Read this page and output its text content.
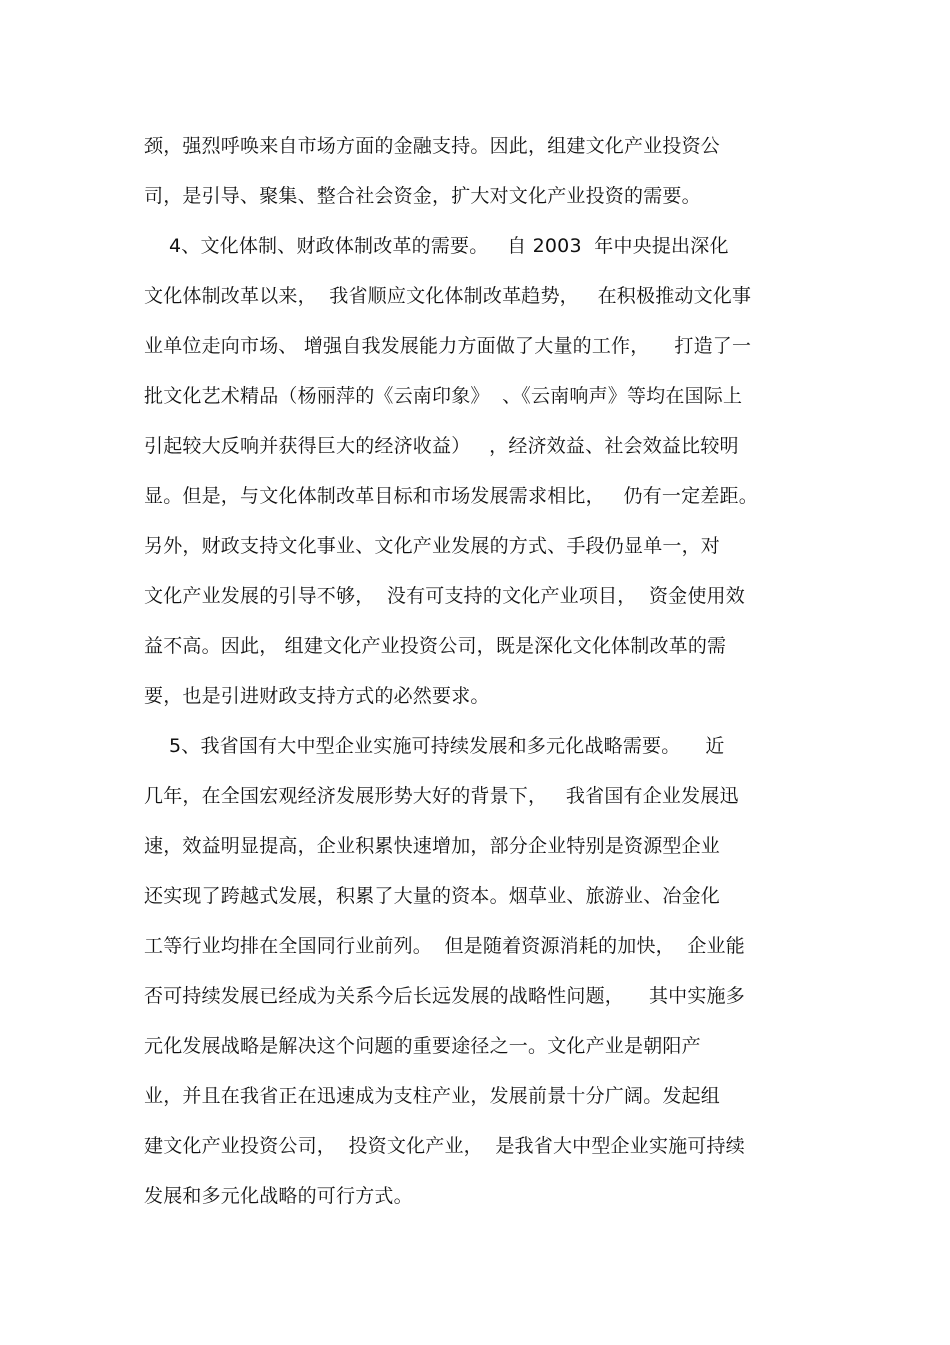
颈，强烈呼唤来自市场方面的金融支持。因此，组建文化产业投资公
司，是引导、聚集、整合社会资金，扩大对文化产业投资的需要。
4、文化体制、财政体制改革的需要。   自 2003  年中央提出深化
文化体制改革以来，  我省顺应文化体制改革趋势，   在积极推动文化事
业单位走向市场、 增强自我发展能力方面做了大量的工作，    打造了一
批文化艺术精品（杨丽萍的《云南印象》  、《云南响声》等均在国际上
引起较大反响并获得巨大的经济收益）   ，经济效益、社会效益比较明
显。但是，与文化体制改革目标和市场发展需求相比，   仍有一定差距。
另外，财政支持文化事业、文化产业发展的方式、手段仍显单一，对
文化产业发展的引导不够，  没有可支持的文化产业项目，  资金使用效
益不高。因此， 组建文化产业投资公司，既是深化文化体制改革的需
要，也是引进财政支持方式的必然要求。
5、我省国有大中型企业实施可持续发展和多元化战略需要。    近
几年，在全国宏观经济发展形势大好的背景下，   我省国有企业发展迅
速，效益明显提高，企业积累快速增加，部分企业特别是资源型企业
还实现了跨越式发展，积累了大量的资本。烟草业、旅游业、冶金化
工等行业均排在全国同行业前列。  但是随着资源消耗的加快，  企业能
否可持续发展已经成为关系今后长远发展的战略性问题，    其中实施多
元化发展战略是解决这个问题的重要途径之一。文化产业是朝阳产
业，并且在我省正在迅速成为支柱产业，发展前景十分广阔。发起组
建文化产业投资公司，  投资文化产业，  是我省大中型企业实施可持续
发展和多元化战略的可行方式。
